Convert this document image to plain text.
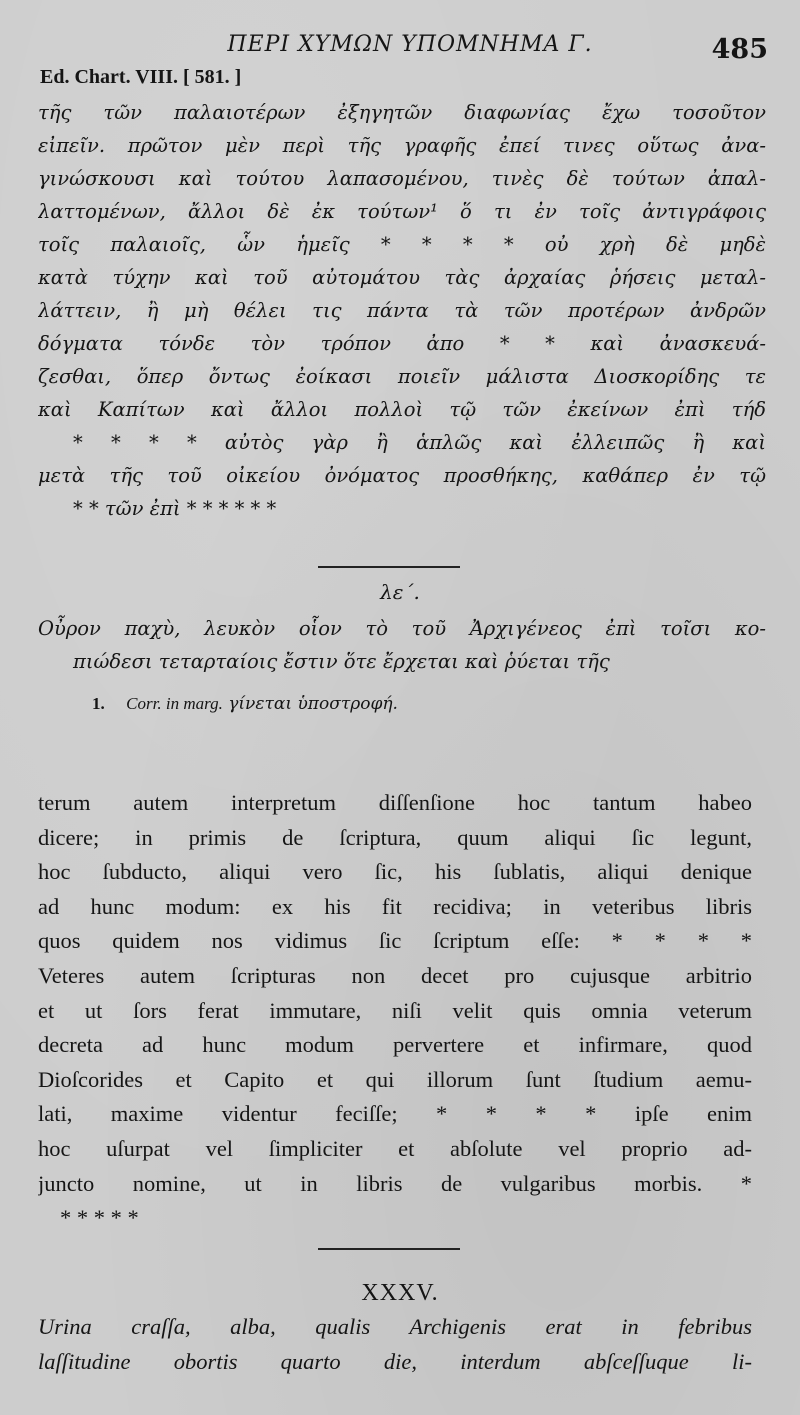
ΠΕΡΙ ΧΥΜΩΝ ΥΠΟΜΝΗΜΑ Γ.	485
Ed. Chart. VIII. [ 581. ]
τῆς τῶν παλαιοτέρων ἐξηγητῶν διαφωνίας ἔχω τοσοῦτον
εἰπεῖν. πρῶτον μὲν περὶ τῆς γραφῆς ἐπεί τινες οὕτως ἀνα-
γινώσκουσι καὶ τούτου λαπασομένου, τινὲς δὲ τούτων ἀπαλ-
λαττομένων, ἄλλοι δὲ ἐκ τούτων¹ ὅ τι ἐν τοῖς ἀντιγράφοις
τοῖς παλαιοῖς, ὧν ἡμεῖς * * * * οὐ χρὴ δὲ μηδὲ
κατὰ τύχην καὶ τοῦ αὐτομάτου τὰς ἀρχαίας ῥήσεις μεταλ-
λάττειν, ἢ μὴ θέλει τις πάντα τὰ τῶν προτέρων ἀνδρῶν
δόγματα τόνδε τὸν τρόπον ἀπο * * καὶ ἀνασκευά-
ζεσθαι, ὅπερ ὄντως ἐοίκασι ποιεῖν μάλιστα Διοσκορίδης τε
καὶ Καπίτων καὶ ἄλλοι πολλοὶ τῷ τῶν ἐκείνων ἐπὶ τήδ
* * * * αὐτὸς γὰρ ἢ ἁπλῶς καὶ ἐλλειπῶς ἢ καὶ
μετὰ τῆς τοῦ οἰκείου ὀνόματος προσθήκης, καθάπερ ἐν τῷ
* * τῶν ἐπὶ * * * * * *
λε΄.
Οὖρον παχὺ, λευκὸν οἷον τὸ τοῦ Ἀρχιγένεος ἐπὶ τοῖσι κο-
πιώδεσι τεταρταίοις ἔστιν ὅτε ἔρχεται καὶ ῥύεται τῆς
1. Corr. in marg. γίνεται ὑποστροφή.
terum autem interpretum diſſenſione hoc tantum habeo
dicere; in primis de ſcriptura, quum aliqui ſic legunt,
hoc ſubducto, aliqui vero ſic, his ſublatis, aliqui denique
ad hunc modum: ex his fit recidiva; in veteribus libris
quos quidem nos vidimus ſic ſcriptum eſſe: * * * *
Veteres autem ſcripturas non decet pro cujusque arbitrio
et ut ſors ferat immutare, niſi velit quis omnia veterum
decreta ad hunc modum pervertere et infirmare, quod
Dioſcorides et Capito et qui illorum ſunt ſtudium aemu-
lati, maxime videntur feciſſe; * * * * ipſe enim
hoc uſurpat vel ſimpliciter et abſolute vel proprio ad-
juncto nomine, ut in libris de vulgaribus morbis. *
* * * * *
XXXV.
Urina craſſa, alba, qualis Archigenis erat in febribus
laſſitudine obortis quarto die, interdum abſceſſuque li-
